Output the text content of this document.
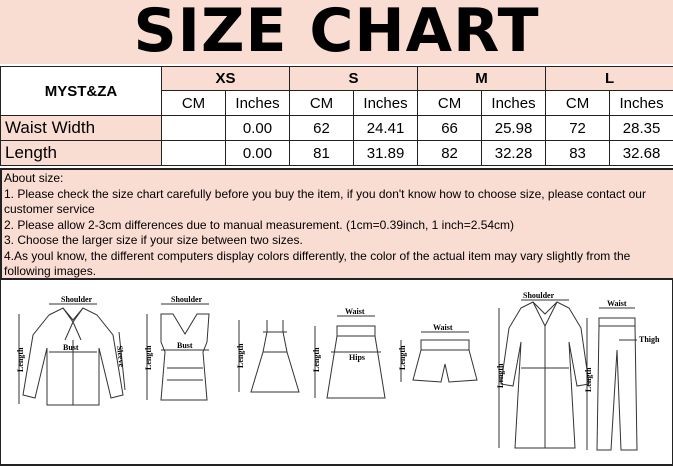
SIZE CHART
MYST&ZA	XS		S		M		L	
	CM	Inches	CM	Inches	CM	Inches	CM	Inches
Waist Width		0.00	62	24.41	66	25.98	72	28.35
Length		0.00	81	31.89	82	32.28	83	32.68
About size:
1. Please check the size chart carefully before you buy the item, if you don't know how to choose size, please contact our customer service
2. Please allow 2-3cm differences due to manual measurement. (1cm=0.39inch, 1 inch=2.54cm)
3. Choose the larger size if your size between two sizes.
4.As youl know, the different computers display colors differently, the color of the actual item may vary slightly from the following images.
Shoulder
Bust
Length	Sleeve
Shoulder
Bust
Length	Length
Waist
Hips
Length
Waist
Length
Shoulder
Length
Waist
Thigh
Length
